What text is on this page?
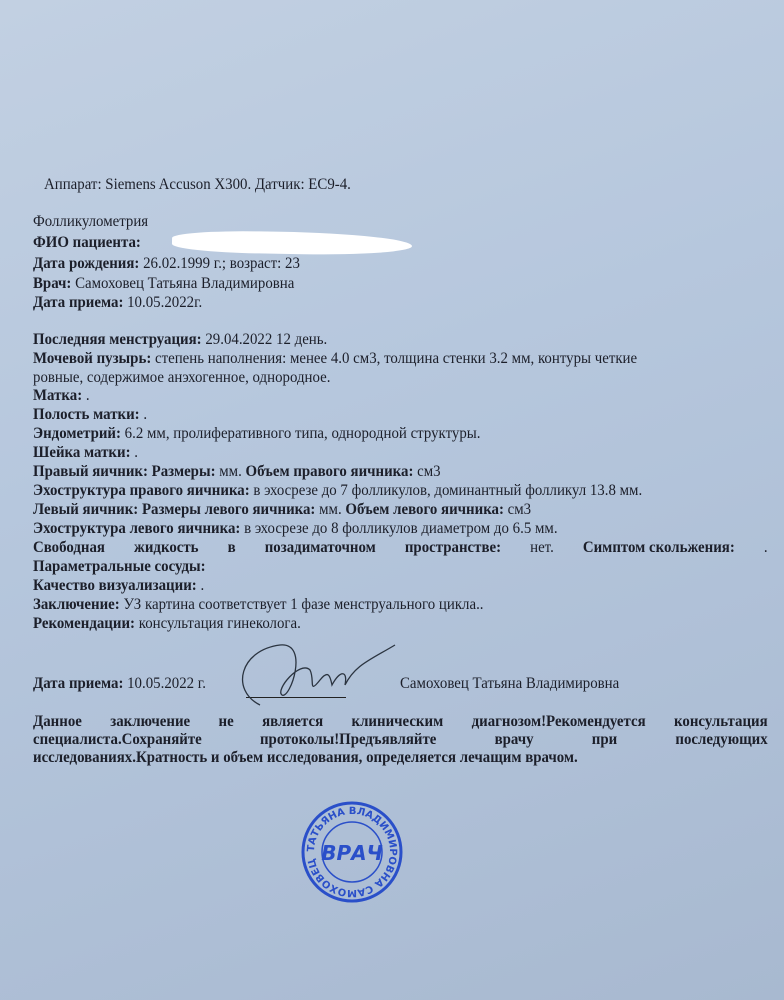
Аппарат: Siemens Accuson X300. Датчик: EC9-4.
Фолликулометрия
ФИО пациента:
Дата рождения: 26.02.1999 г.; возраст: 23
Врач: Самоховец Татьяна Владимировна
Дата приема: 10.05.2022г.
Последняя менструация: 29.04.2022 12 день.
Мочевой пузырь: степень наполнения: менее 4.0 см3, толщина стенки 3.2 мм, контуры четкие
ровные, содержимое анэхогенное, однородное.
Матка: .
Полость матки: .
Эндометрий: 6.2 мм, пролиферативного типа, однородной структуры.
Шейка матки: .
Правый яичник: Размеры: мм. Объем правого яичника: см3
Эхоструктура правого яичника: в эхосрезе до 7 фолликулов, доминантный фолликул 13.8 мм.
Левый яичник: Размеры левого яичника: мм. Объем левого яичника: см3
Эхоструктура левого яичника: в эхосрезе до 8 фолликулов диаметром до 6.5 мм.
Свободная жидкость в позадиматочном пространстве: нет. Симптом скольжения: .
Параметральные сосуды:
Качество визуализации: .
Заключение: УЗ картина соответствует 1 фазе менструального цикла..
Рекомендации: консультация гинеколога.
Дата приема: 10.05.2022 г.	Самоховец Татьяна Владимировна
ТАТЬЯНА ВЛАДИМИРОВНА САМОХОВЕЦ ВРАЧ
Данное заключение не является клиническим диагнозом!Рекомендуется консультация
специалиста.Сохраняйте	протоколы!Предъявляйте	врачу	при	последующих
исследованиях.Кратность и объем исследования, определяется лечащим врачом.
